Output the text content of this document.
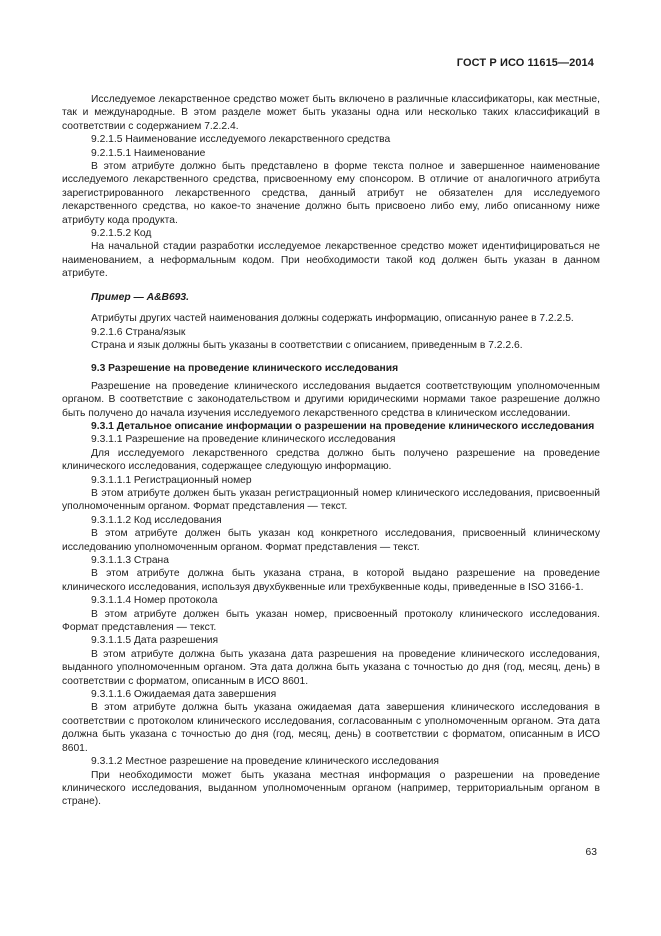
ГОСТ Р ИСО 11615—2014

Исследуемое лекарственное средство может быть включено в различные классификаторы, как местные, так и международные. В этом разделе может быть указаны одна или несколько таких классификаций в соответствии с содержанием 7.2.2.4.

9.2.1.5 Наименование исследуемого лекарственного средства

9.2.1.5.1 Наименование

В этом атрибуте должно быть представлено в форме текста полное и завершенное наименование исследуемого лекарственного средства, присвоенному ему спонсором. В отличие от аналогичного атрибута зарегистрированного лекарственного средства, данный атрибут не обязателен для исследуемого лекарственного средства, но какое-то значение должно быть присвоено либо ему, либо описанному ниже атрибуту кода продукта.

9.2.1.5.2 Код

На начальной стадии разработки исследуемое лекарственное средство может идентифицироваться не наименованием, а неформальным кодом. При необходимости такой код должен быть указан в данном атрибуте.

Пример — A&B693.

Атрибуты других частей наименования должны содержать информацию, описанную ранее в 7.2.2.5.

9.2.1.6 Страна/язык

Страна и язык должны быть указаны в соответствии с описанием, приведенным в 7.2.2.6.

9.3 Разрешение на проведение клинического исследования

Разрешение на проведение клинического исследования выдается соответствующим уполномоченным органом. В соответствие с законодательством и другими юридическими нормами такое разрешение должно быть получено до начала изучения исследуемого лекарственного средства в клиническом исследовании.

9.3.1 Детальное описание информации о разрешении на проведение клинического исследования

9.3.1.1 Разрешение на проведение клинического исследования

Для исследуемого лекарственного средства должно быть получено разрешение на проведение клинического исследования, содержащее следующую информацию.

9.3.1.1.1 Регистрационный номер

В этом атрибуте должен быть указан регистрационный номер клинического исследования, присвоенный уполномоченным органом. Формат представления — текст.

9.3.1.1.2 Код исследования

В этом атрибуте должен быть указан код конкретного исследования, присвоенный клиническому исследованию уполномоченным органом. Формат представления — текст.

9.3.1.1.3 Страна

В этом атрибуте должна быть указана страна, в которой выдано разрешение на проведение клинического исследования, используя двухбуквенные или трехбуквенные коды, приведенные в ISO 3166-1.

9.3.1.1.4 Номер протокола

В этом атрибуте должен быть указан номер, присвоенный протоколу клинического исследования. Формат представления — текст.

9.3.1.1.5 Дата разрешения

В этом атрибуте должна быть указана дата разрешения на проведение клинического исследования, выданного уполномоченным органом. Эта дата должна быть указана с точностью до дня (год, месяц, день) в соответствии с форматом, описанным в ИСО 8601.

9.3.1.1.6 Ожидаемая дата завершения

В этом атрибуте должна быть указана ожидаемая дата завершения клинического исследования в соответствии с протоколом клинического исследования, согласованным с уполномоченным органом. Эта дата должна быть указана с точностью до дня (год, месяц, день) в соответствии с форматом, описанным в ИСО 8601.

9.3.1.2 Местное разрешение на проведение клинического исследования

При необходимости может быть указана местная информация о разрешении на проведение клинического исследования, выданном уполномоченным органом (например, территориальным органом в стране).

63
